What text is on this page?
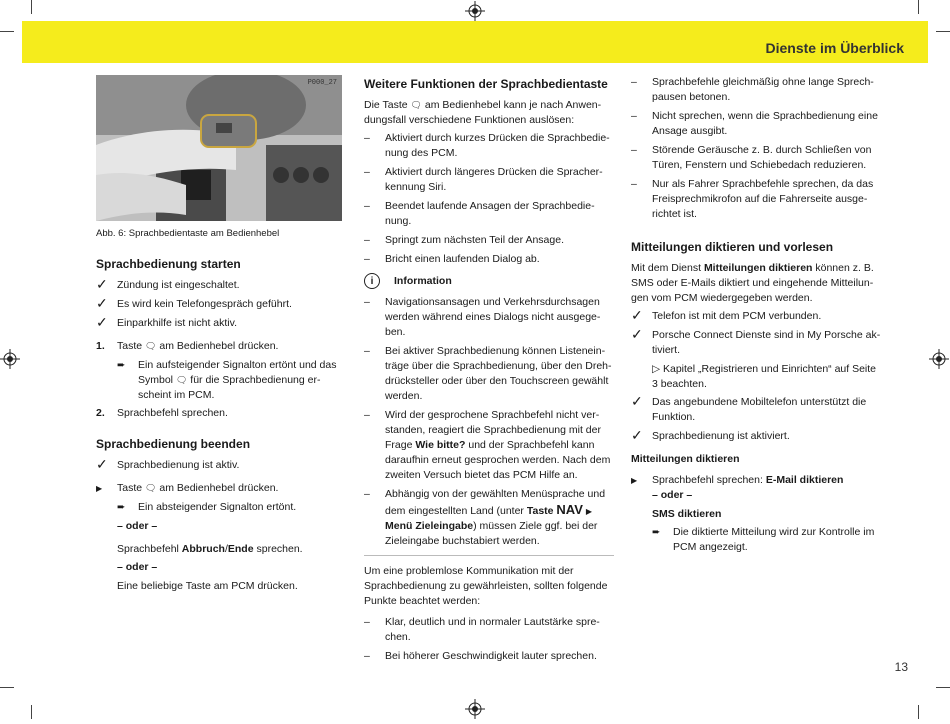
Dienste im Überblick
P000_27
Abb. 6: Sprachbedientaste am Bedienhebel
Sprachbedienung starten
✓ Zündung ist eingeschaltet.
✓ Es wird kein Telefongespräch geführt.
✓ Einparkhilfe ist nicht aktiv.
1.	Taste 🗨 am Bedienhebel drücken.
➨	Ein aufsteigender Signalton ertönt und das Symbol 🗨 für die Sprachbedienung er-scheint im PCM.
2.	Sprachbefehl sprechen.
Sprachbedienung beenden
✓ Sprachbedienung ist aktiv.
▶	Taste 🗨 am Bedienhebel drücken.
➨	Ein absteigender Signalton ertönt.
– oder –
Sprachbefehl Abbruch/Ende sprechen.
– oder –
Eine beliebige Taste am PCM drücken.
Weitere Funktionen der Sprachbedientaste

Die Taste 🗨 am Bedienhebel kann je nach Anwen-dungsfall verschiedene Funktionen auslösen:

–	Aktiviert durch kurzes Drücken die Sprachbedie-nung des PCM.
–	Aktiviert durch längeres Drücken die Spracher-kennung Siri.
–	Beendet laufende Ansagen der Sprachbedie-nung.
–	Springt zum nächsten Teil der Ansage.
–	Bricht einen laufenden Dialog ab.
i	Information
–	Navigationsansagen und Verkehrsdurchsagen werden während eines Dialogs nicht ausgege-ben.
–	Bei aktiver Sprachbedienung können Listenein-träge über die Sprachbedienung, über den Dreh-drücksteller oder über den Touchscreen gewählt werden.
–	Wird der gesprochene Sprachbefehl nicht ver-standen, reagiert die Sprachbedienung mit der Frage Wie bitte? und der Sprachbefehl kann daraufhin erneut gesprochen werden. Nach dem zweiten Versuch bietet das PCM Hilfe an.
–	Abhängig von der gewählten Menüsprache und dem eingestellten Land (unter Taste NAV ▶ Menü Zieleingabe) müssen Ziele ggf. bei der Zieleingabe buchstabiert werden.

Um eine problemlose Kommunikation mit der Sprachbedienung zu gewährleisten, sollten folgende Punkte beachtet werden:

–	Klar, deutlich und in normaler Lautstärke spre-chen.
–	Bei höherer Geschwindigkeit lauter sprechen.
–	Sprachbefehle gleichmäßig ohne lange Sprech-pausen betonen.
–	Nicht sprechen, wenn die Sprachbedienung eine Ansage ausgibt.
–	Störende Geräusche z. B. durch Schließen von Türen, Fenstern und Schiebedach reduzieren.
–	Nur als Fahrer Sprachbefehle sprechen, da das Freisprechmikrofon auf die Fahrerseite ausge-richtet ist.
Mitteilungen diktieren und vorlesen

Mit dem Dienst Mitteilungen diktieren können z. B. SMS oder E-Mails diktiert und eingehende Mitteilun-gen vom PCM wiedergegeben werden.

✓ Telefon ist mit dem PCM verbunden.
✓ Porsche Connect Dienste sind in My Porsche ak-tiviert.
▷ Kapitel „Registrieren und Einrichten“ auf Seite 3 beachten.
✓ Das angebundene Mobiltelefon unterstützt die Funktion.
✓ Sprachbedienung ist aktiviert.
Mitteilungen diktieren
▶	Sprachbefehl sprechen: E-Mail diktieren
– oder –
SMS diktieren
➨	Die diktierte Mitteilung wird zur Kontrolle im PCM angezeigt.
13
